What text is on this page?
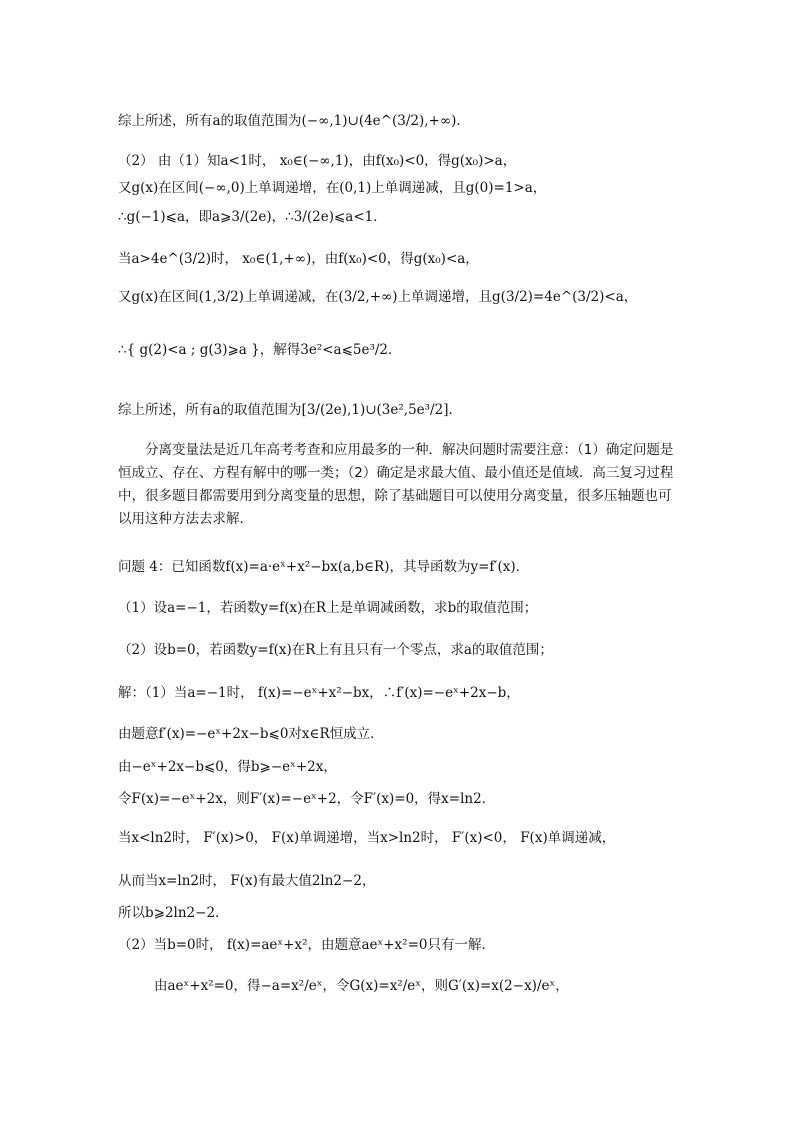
综上所述，所有a的取值范围为(−∞,1)∪(4e^(3/2),+∞)．
（2） 由（1）知a<1时， x₀∈(−∞,1)，由f(x₀)<0，得g(x₀)>a，
又g(x)在区间(−∞,0)上单调递增，在(0,1)上单调递减，且g(0)=1>a，
∴g(−1)⩽a，即a⩾3/(2e)，∴3/(2e)⩽a<1．
当a>4e^(3/2)时， x₀∈(1,+∞)，由f(x₀)<0，得g(x₀)<a，
又g(x)在区间(1,3/2)上单调递减，在(3/2,+∞)上单调递增，且g(3/2)=4e^(3/2)<a，
∴{ g(2)<a ; g(3)⩾a }，解得3e²<a⩽5e³/2．
综上所述，所有a的取值范围为[3/(2e),1)∪(3e²,5e³/2]．
分离变量法是近几年高考考查和应用最多的一种．解决问题时需要注意：（1）确定问题是恒成立、存在、方程有解中的哪一类；（2）确定是求最大值、最小值还是值域．高三复习过程中，很多题目都需要用到分离变量的思想，除了基础题目可以使用分离变量，很多压轴题也可以用这种方法去求解．
问题 4：已知函数f(x)=a·eˣ+x²−bx(a,b∈R)，其导函数为y=f′(x)．
（1）设a=−1，若函数y=f(x)在R上是单调减函数，求b的取值范围；
（2）设b=0，若函数y=f(x)在R上有且只有一个零点，求a的取值范围；
解：（1）当a=−1时， f(x)=−eˣ+x²−bx，∴f′(x)=−eˣ+2x−b，
由题意f′(x)=−eˣ+2x−b⩽0对x∈R恒成立．
由−eˣ+2x−b⩽0，得b⩾−eˣ+2x，
令F(x)=−eˣ+2x，则F′(x)=−eˣ+2，令F′(x)=0，得x=ln2．
当x<ln2时， F′(x)>0， F(x)单调递增，当x>ln2时， F′(x)<0， F(x)单调递减，
从而当x=ln2时， F(x)有最大值2ln2−2，
所以b⩾2ln2−2．
（2）当b=0时， f(x)=aeˣ+x²，由题意aeˣ+x²=0只有一解．
由aeˣ+x²=0，得−a=x²/eˣ，令G(x)=x²/eˣ，则G′(x)=x(2−x)/eˣ，
